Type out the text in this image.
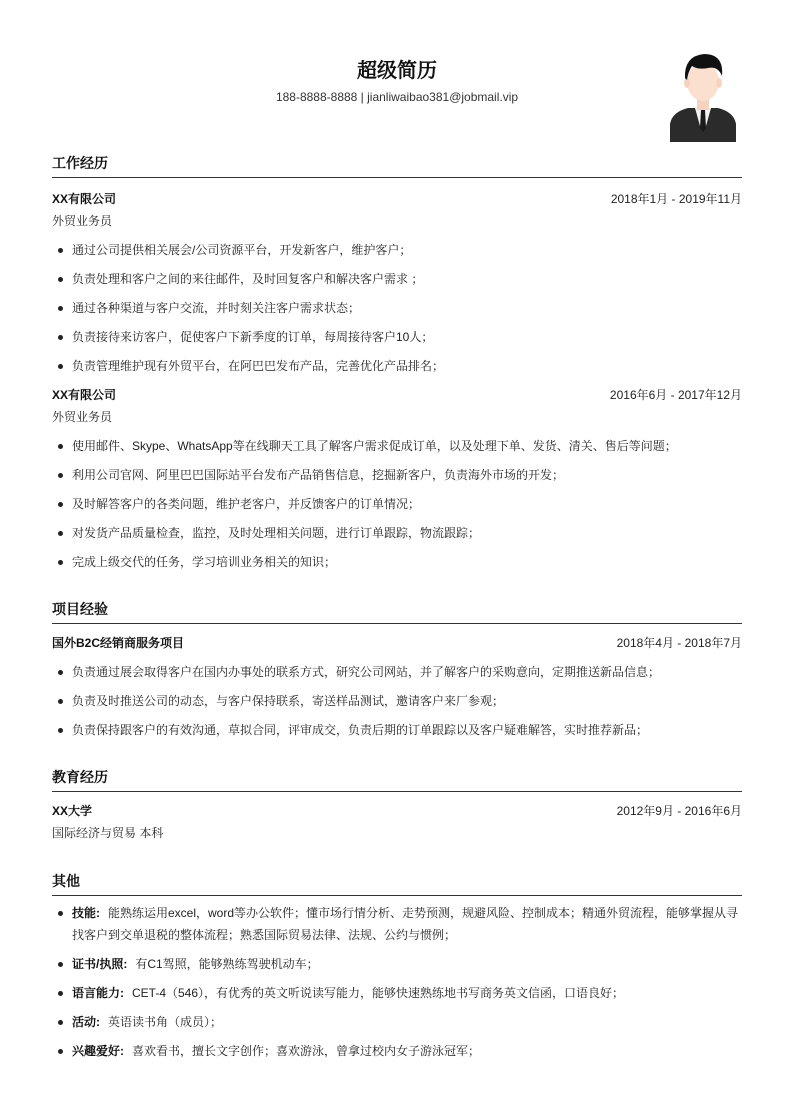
超级简历
188-8888-8888 | jianliwaibao381@jobmail.vip
工作经历
XX有限公司	2018年1月 - 2019年11月
外贸业务员
通过公司提供相关展会/公司资源平台，开发新客户，维护客户；
负责处理和客户之间的来往邮件，及时回复客户和解决客户需求 ；
通过各种渠道与客户交流，并时刻关注客户需求状态；
负责接待来访客户，促使客户下新季度的订单，每周接待客户10人；
负责管理维护现有外贸平台，在阿巴巴发布产品，完善优化产品排名；
XX有限公司	2016年6月 - 2017年12月
外贸业务员
使用邮件、Skype、WhatsApp等在线聊天工具了解客户需求促成订单，以及处理下单、发货、清关、售后等问题；
利用公司官网、阿里巴巴国际站平台发布产品销售信息，挖掘新客户，负责海外市场的开发；
及时解答客户的各类问题，维护老客户，并反馈客户的订单情况；
对发货产品质量检查，监控，及时处理相关问题，进行订单跟踪，物流跟踪；
完成上级交代的任务，学习培训业务相关的知识；
项目经验
国外B2C经销商服务项目	2018年4月 - 2018年7月
负责通过展会取得客户在国内办事处的联系方式，研究公司网站，并了解客户的采购意向，定期推送新品信息；
负责及时推送公司的动态，与客户保持联系，寄送样品测试，邀请客户来厂参观；
负责保持跟客户的有效沟通，草拟合同，评审成交，负责后期的订单跟踪以及客户疑难解答，实时推荐新品；
教育经历
XX大学	2012年9月 - 2016年6月
国际经济与贸易 本科
其他
技能: 能熟练运用excel，word等办公软件；懂市场行情分析、走势预测，规避风险、控制成本；精通外贸流程，能够掌握从寻找客户到交单退税的整体流程；熟悉国际贸易法律、法规、公约与惯例；
证书/执照: 有C1驾照，能够熟练驾驶机动车；
语言能力: CET-4（546），有优秀的英文听说读写能力，能够快速熟练地书写商务英文信函，口语良好；
活动: 英语读书角（成员）；
兴趣爱好: 喜欢看书，擅长文字创作；喜欢游泳，曾拿过校内女子游泳冠军；
